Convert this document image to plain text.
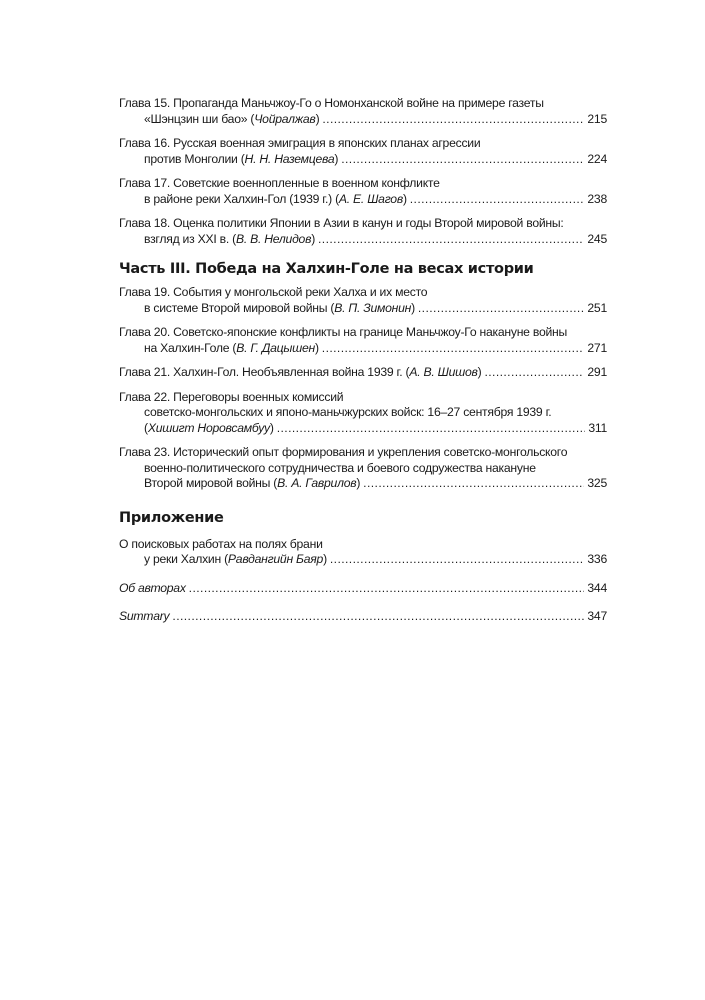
Глава 15. Пропаганда Маньчжоу-Го о Номонханской войне на примере газеты
«Шэнцзин ши бао» (Чойралжав) .....	215
Глава 16. Русская военная эмиграция в японских планах агрессии
против Монголии (Н. Н. Наземцева) .....	224
Глава 17. Советские военнопленные в военном конфликте
в районе реки Халхин-Гол (1939 г.) (А. Е. Шагов) .....	238
Глава 18. Оценка политики Японии в Азии в канун и годы Второй мировой войны:
взгляд из XXI в. (В. В. Нелидов) .....	245
Часть III. Победа на Халхин-Голе на весах истории
Глава 19. События у монгольской реки Халха и их место
в системе Второй мировой войны (В. П. Зимонин) .....	251
Глава 20. Советско-японские конфликты на границе Маньчжоу-Го накануне войны
на Халхин-Голе (В. Г. Дацышен) .....	271
Глава 21. Халхин-Гол. Необъявленная война 1939 г. (А. В. Шишов) .....	291
Глава 22. Переговоры военных комиссий
советско-монгольских и японо-маньчжурских войск: 16–27 сентября 1939 г.
(Хишигт Норовсамбуу) .....	311
Глава 23. Исторический опыт формирования и укрепления советско-монгольского
военно-политического сотрудничества и боевого содружества накануне
Второй мировой войны (В. А. Гаврилов) .....	325
Приложение
О поисковых работах на полях брани
у реки Халхин (Равдангийн Баяр) .....	336
Об авторах .....	344
Summary .....	347
